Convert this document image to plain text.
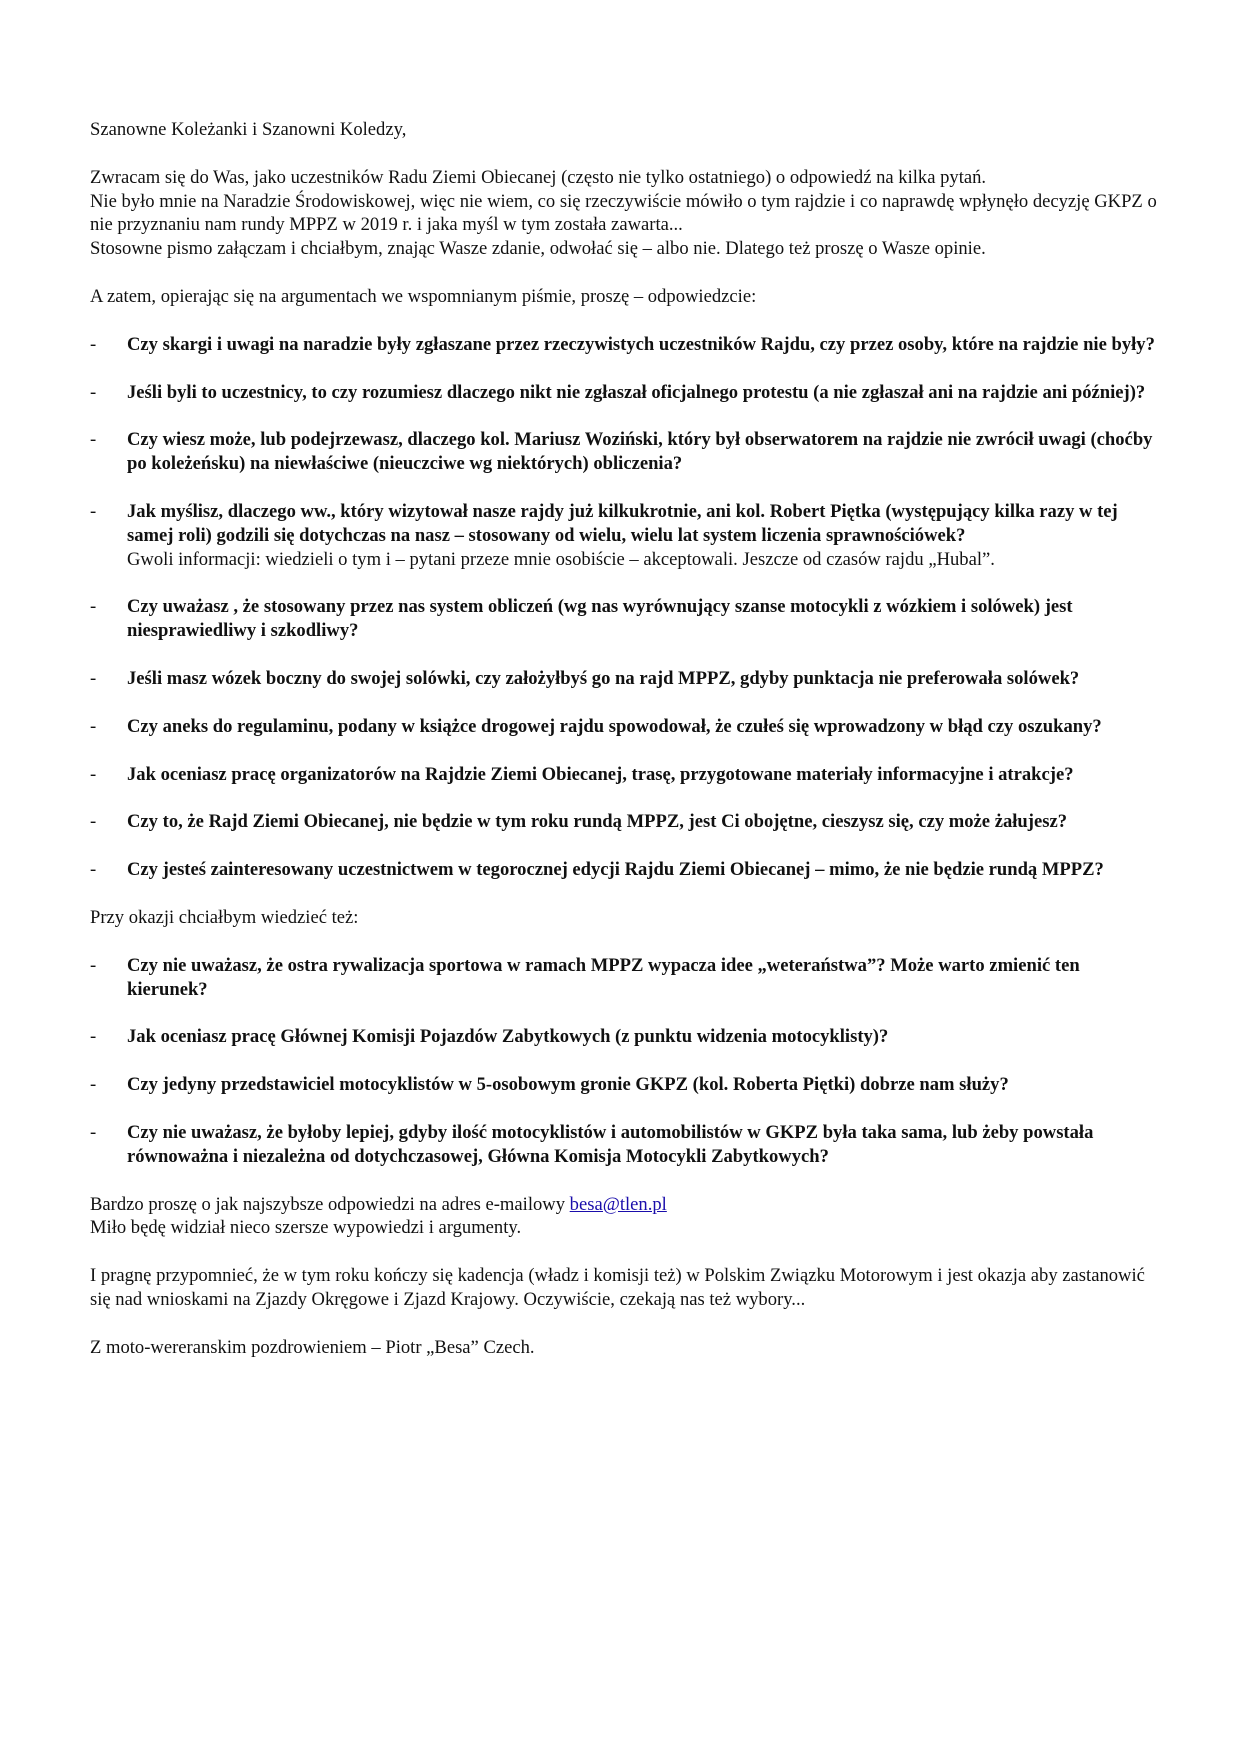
Szanowne Koleżanki i Szanowni Koledzy,

Zwracam się do Was, jako uczestników Radu Ziemi Obiecanej (często nie tylko ostatniego) o odpowiedź na kilka pytań.

Nie było mnie na Naradzie Środowiskowej, więc nie wiem, co się rzeczywiście mówiło o tym rajdzie i co naprawdę wpłynęło decyzję GKPZ o nie przyznaniu nam rundy MPPZ w 2019 r. i jaka myśl w tym została zawarta...

Stosowne pismo załączam i chciałbym, znając Wasze zdanie, odwołać się – albo nie. Dlatego też proszę o Wasze opinie.

A zatem, opierając się na argumentach we wspomnianym piśmie, proszę – odpowiedzcie:

- Czy skargi i uwagi na naradzie były zgłaszane przez rzeczywistych uczestników Rajdu, czy przez osoby, które na rajdzie nie były?
- Jeśli byli to uczestnicy, to czy rozumiesz dlaczego nikt nie zgłaszał oficjalnego protestu (a nie zgłaszał ani na rajdzie ani później)?
- Czy wiesz może, lub podejrzewasz, dlaczego kol. Mariusz Woziński, który był obserwatorem na rajdzie nie zwrócił uwagi (choćby po koleżeńsku) na niewłaściwe (nieuczciwe wg niektórych) obliczenia?
- Jak myślisz, dlaczego ww., który wizytował nasze rajdy już kilkukrotnie, ani kol. Robert Piętka (występujący kilka razy w tej samej roli) godzili się dotychczas na nasz – stosowany od wielu, wielu lat system liczenia sprawnościówek?
Gwoli informacji: wiedzieli o tym i – pytani przeze mnie osobiście – akceptowali. Jeszcze od czasów rajdu „Hubal”.
- Czy uważasz , że stosowany przez nas system obliczeń (wg nas wyrównujący szanse motocykli z wózkiem i solówek) jest niesprawiedliwy i szkodliwy?
- Jeśli masz wózek boczny do swojej solówki, czy założyłbyś go na rajd MPPZ, gdyby punktacja nie preferowała solówek?
- Czy aneks do regulaminu, podany w książce drogowej rajdu spowodował, że czułeś się wprowadzony w błąd czy oszukany?
- Jak oceniasz pracę organizatorów na Rajdzie Ziemi Obiecanej, trasę, przygotowane materiały informacyjne i atrakcje?
- Czy to, że Rajd Ziemi Obiecanej, nie będzie w tym roku rundą MPPZ, jest Ci obojętne, cieszysz się, czy może żałujesz?
- Czy jesteś zainteresowany uczestnictwem w tegorocznej edycji Rajdu Ziemi Obiecanej – mimo, że nie będzie rundą MPPZ?

Przy okazji chciałbym wiedzieć też:

- Czy nie uważasz, że ostra rywalizacja sportowa w ramach MPPZ wypacza idee „weteraństwa”? Może warto zmienić ten kierunek?
- Jak oceniasz pracę Głównej Komisji Pojazdów Zabytkowych (z punktu widzenia motocyklisty)?
- Czy jedyny przedstawiciel motocyklistów w 5-osobowym gronie GKPZ (kol. Roberta Piętki) dobrze nam służy?
- Czy nie uważasz, że byłoby lepiej, gdyby ilość motocyklistów i automobilistów w GKPZ była taka sama, lub żeby powstała równoważna i niezależna od dotychczasowej, Główna Komisja Motocykli Zabytkowych?

Bardzo proszę o jak najszybsze odpowiedzi na adres e-mailowy besa@tlen.pl

Miło będę widział nieco szersze wypowiedzi i argumenty.

I pragnę przypomnieć, że w tym roku kończy się kadencja (władz i komisji też) w Polskim Związku Motorowym i jest okazja aby zastanowić się nad wnioskami na Zjazdy Okręgowe i Zjazd Krajowy. Oczywiście, czekają nas też wybory...

Z moto-wereranskim pozdrowieniem – Piotr „Besa” Czech.
